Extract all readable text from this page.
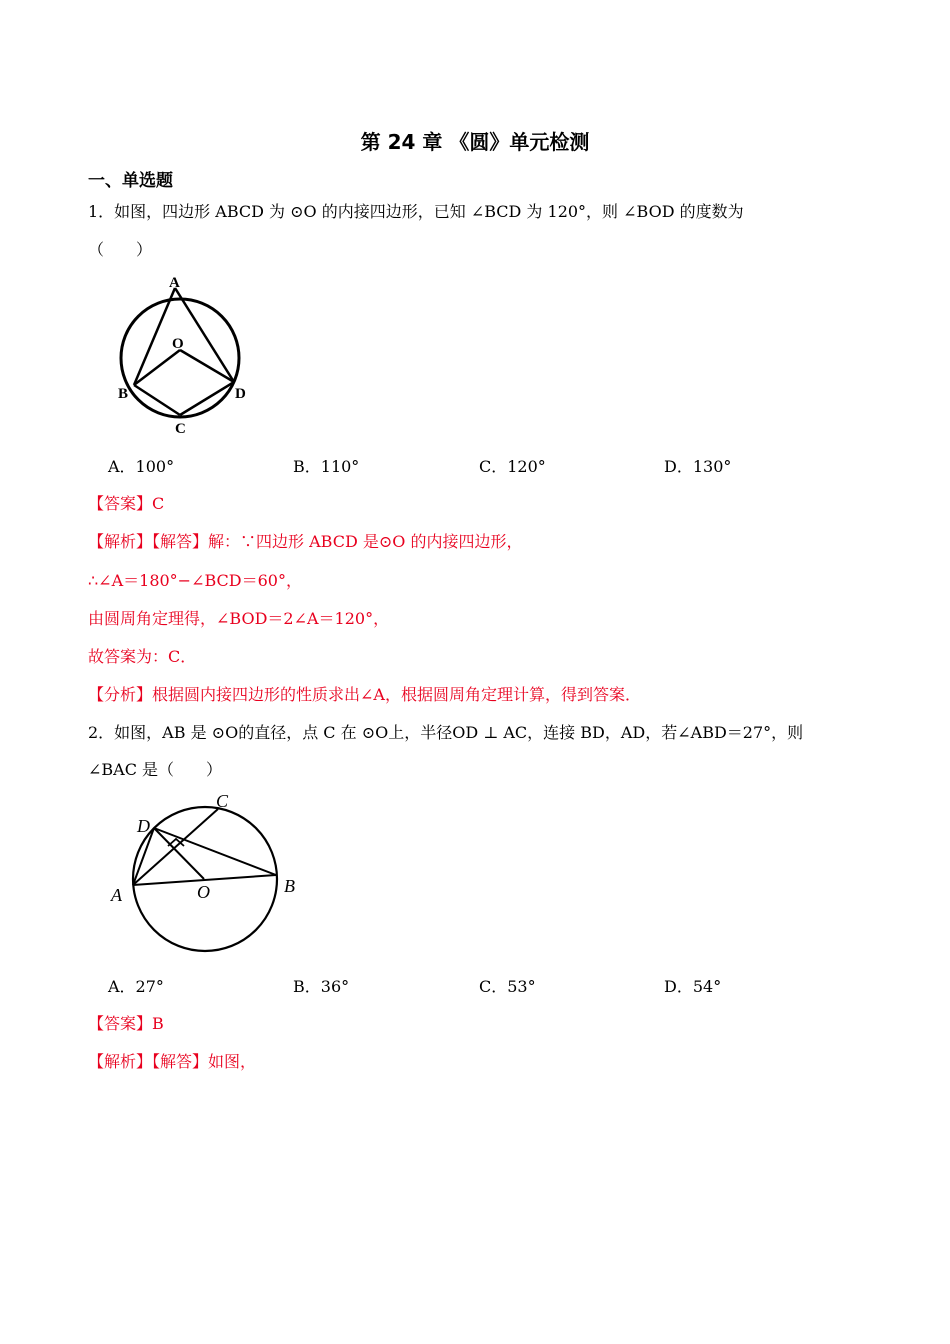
第 24 章 《圆》单元检测
一、单选题
1．如图，四边形 ABCD 为 ⊙O 的内接四边形，已知 ∠BCD 为 120°，则 ∠BOD 的度数为
（　　）
A
O
B	D
C
A．100°	B．110°	C．120°	D．130°
【答案】C
【解析】【解答】解：∵四边形 ABCD 是⊙O 的内接四边形，
∴∠A＝180°−∠BCD＝60°，
由圆周角定理得，∠BOD＝2∠A＝120°，
故答案为：C．
【分析】根据圆内接四边形的性质求出∠A，根据圆周角定理计算，得到答案．
2．如图，AB 是 ⊙O的直径，点 C 在 ⊙O上，半径OD ⊥ AC，连接 BD，AD，若∠ABD＝27°，则
∠BAC 是（　　）
D
C
A	O	B
A．27°	B．36°	C．53°	D．54°
【答案】B
【解析】【解答】如图，
